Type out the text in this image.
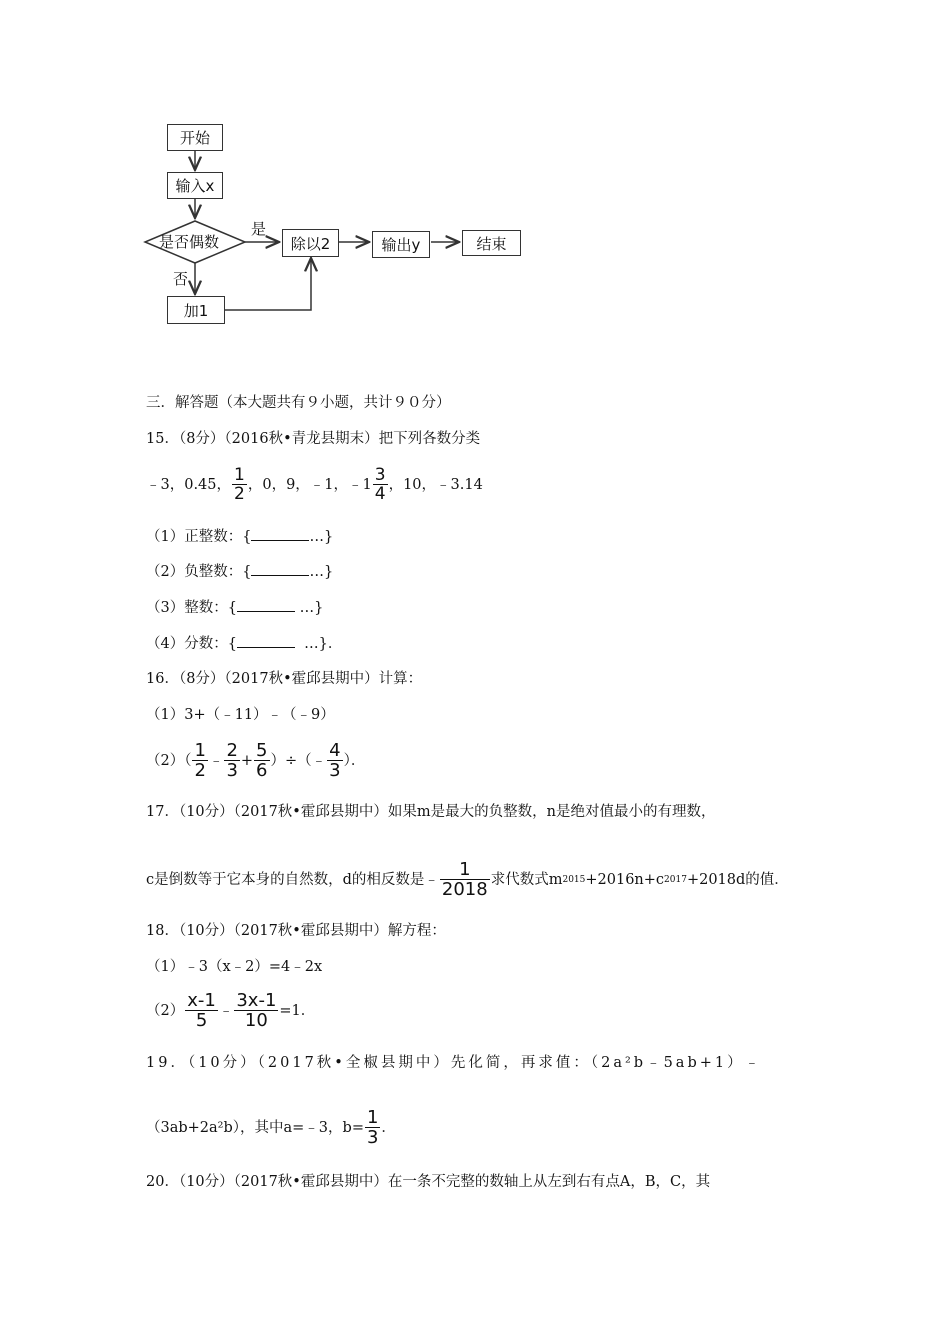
开始
输入x
是否偶数
是
否
除以2	输出y	结束
加1
三．解答题（本大题共有９小题，共计９０分）
15．（8分）（2016秋•青龙县期末）把下列各数分类
﹣3，0.45， $\frac{1}{2}$ ，0，9，﹣1，﹣1 $\frac{3}{4}$ ，10，﹣3.14
（1）正整数：{	…}
（2）负整数：{	…}
（3）整数：{	…}
（4）分数：{	…}．
16．（8分）（2017秋•霍邱县期中）计算：
（1）3+（﹣11）﹣（﹣9）
$(2)( \frac{1}{2}$ ﹣ $\frac{2}{3} + \frac{5}{6}$ ）÷（﹣ $\frac{4}{3}$ ）．
17．（10分）（2017秋•霍邱县期中）如果m是最大的负整数，n是绝对值最小的有理数，
c是倒数等于它本身的自然数，d的相反数是 ﹣ $\frac{1}{2018}$ 求代数式m 2015 +2016n+c 2017 +2018d的值．
18．（10分）（2017秋•霍邱县期中）解方程：
（1）﹣3（x﹣2）=4﹣2x
$(2) \frac{x-1}{5}$ ﹣ $\frac{3x-1}{10} =1$．
19．（10分）（2017秋•全椒县期中）先化简，再求值：（2a²b﹣5ab+1）﹣
（3ab+2a²b），其中a=﹣3，$b= \frac{1}{3}$ ．
20．（10分）（2017秋•霍邱县期中）在一条不完整的数轴上从左到右有点A，B，C，其
